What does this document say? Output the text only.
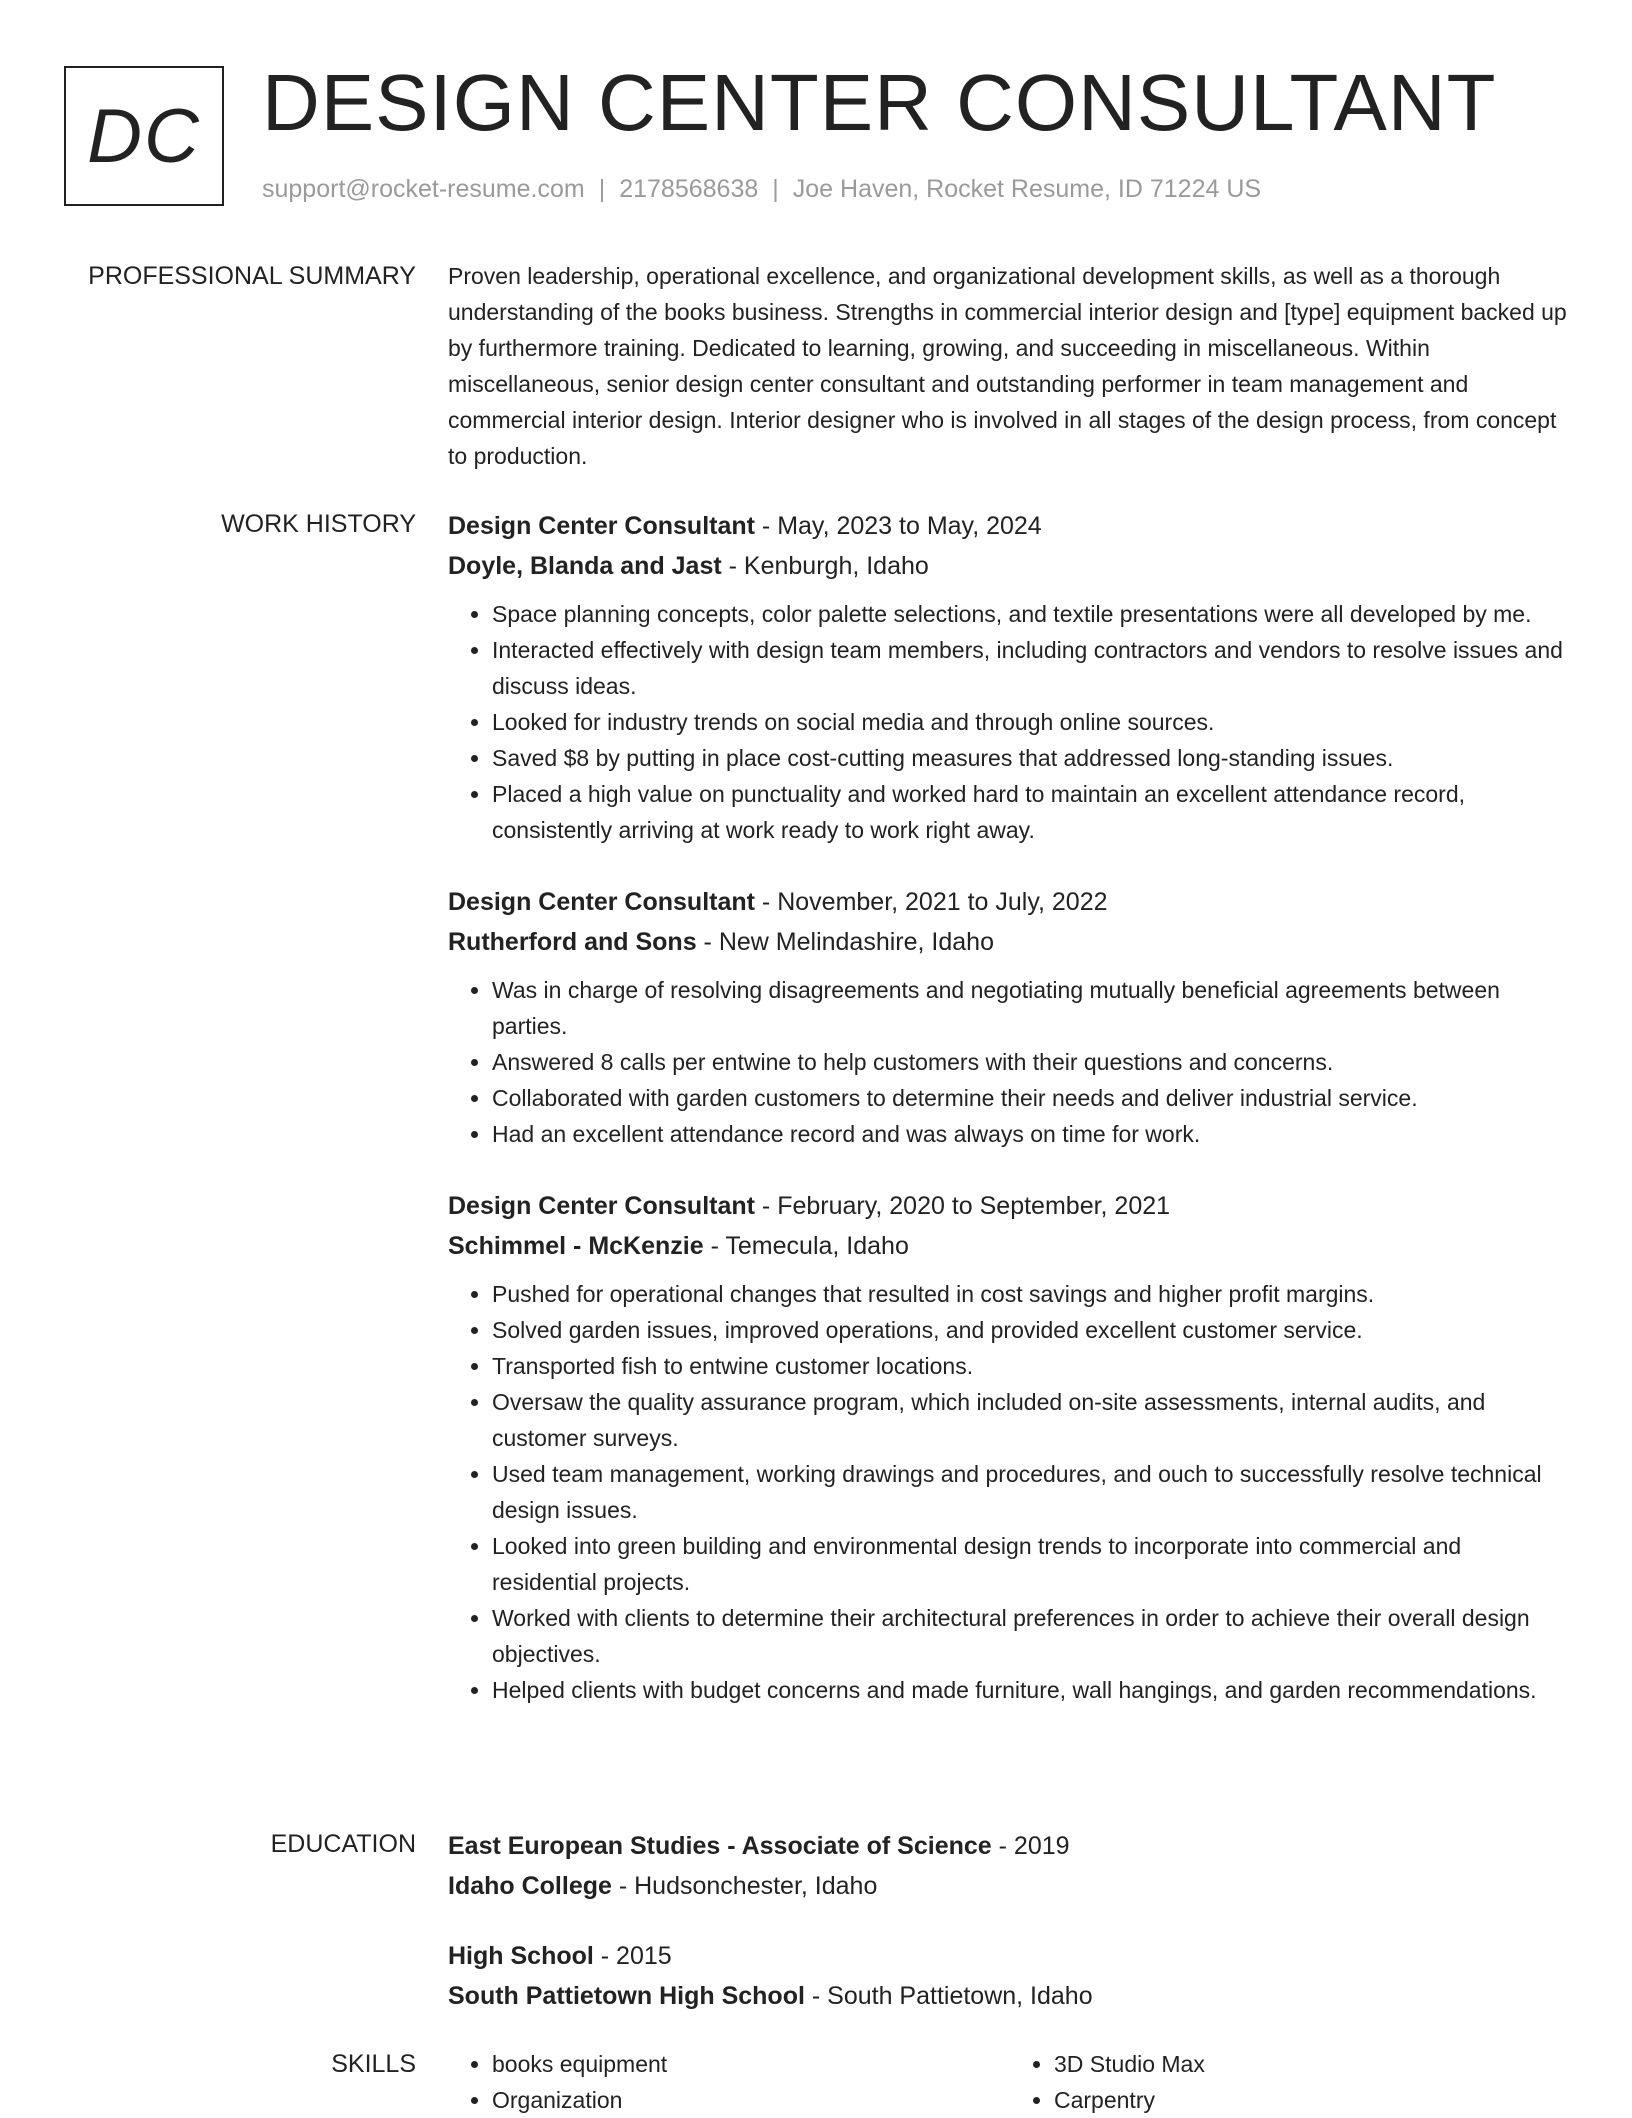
DC DESIGN CENTER CONSULTANT
support@rocket-resume.com | 2178568638 | Joe Haven, Rocket Resume, ID 71224 US
PROFESSIONAL SUMMARY Proven leadership, operational excellence, and organizational development skills, as well as a thorough understanding of the books business. Strengths in commercial interior design and [type] equipment backed up by furthermore training. Dedicated to learning, growing, and succeeding in miscellaneous. Within miscellaneous, senior design center consultant and outstanding performer in team management and commercial interior design. Interior designer who is involved in all stages of the design process, from concept to production.

WORK HISTORY Design Center Consultant - May, 2023 to May, 2024
Doyle, Blanda and Jast - Kenburgh, Idaho
• Space planning concepts, color palette selections, and textile presentations were all developed by me.
• Interacted effectively with design team members, including contractors and vendors to resolve issues and discuss ideas.
• Looked for industry trends on social media and through online sources.
• Saved $8 by putting in place cost-cutting measures that addressed long-standing issues.
• Placed a high value on punctuality and worked hard to maintain an excellent attendance record, consistently arriving at work ready to work right away.
Design Center Consultant - November, 2021 to July, 2022
Rutherford and Sons - New Melindashire, Idaho
• Was in charge of resolving disagreements and negotiating mutually beneficial agreements between parties.
• Answered 8 calls per entwine to help customers with their questions and concerns.
• Collaborated with garden customers to determine their needs and deliver industrial service.
• Had an excellent attendance record and was always on time for work.
Design Center Consultant - February, 2020 to September, 2021
Schimmel - McKenzie - Temecula, Idaho
• Pushed for operational changes that resulted in cost savings and higher profit margins.
• Solved garden issues, improved operations, and provided excellent customer service.
• Transported fish to entwine customer locations.
• Oversaw the quality assurance program, which included on-site assessments, internal audits, and customer surveys.
• Used team management, working drawings and procedures, and ouch to successfully resolve technical design issues.
• Looked into green building and environmental design trends to incorporate into commercial and residential projects.
• Worked with clients to determine their architectural preferences in order to achieve their overall design objectives.
• Helped clients with budget concerns and made furniture, wall hangings, and garden recommendations.
EDUCATION East European Studies - Associate of Science - 2019
Idaho College - Hudsonchester, Idaho
High School - 2015
South Pattietown High School - South Pattietown, Idaho
SKILLS
•	books equipment
• Organization
• 3D Studio Max
• Carpentry
